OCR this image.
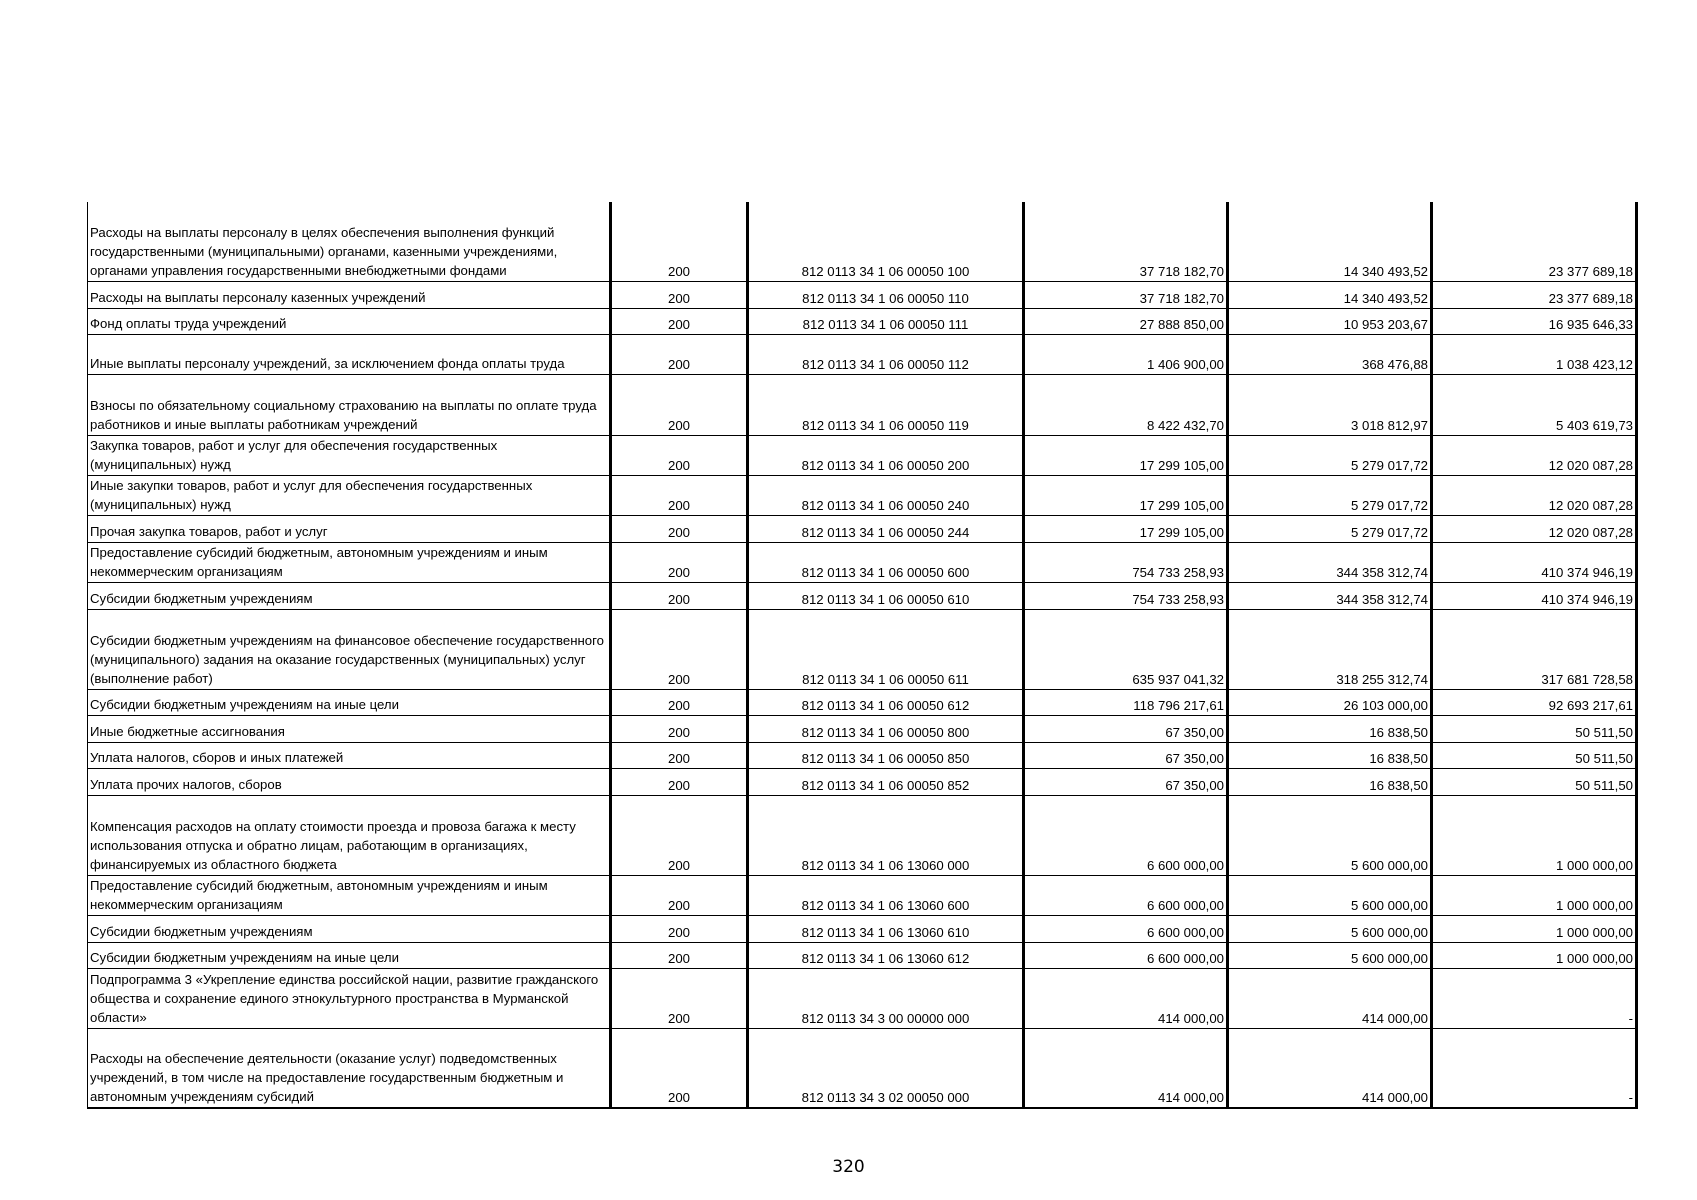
Расходы на выплаты персоналу в целях обеспечения выполнения функций государственными (муниципальными) органами, казенными учреждениями, органами управления государственными внебюджетными фондами	200	812 0113 34 1 06 00050 100	37 718 182,70	14 340 493,52	23 377 689,18
Расходы на выплаты персоналу казенных учреждений	200	812 0113 34 1 06 00050 110	37 718 182,70	14 340 493,52	23 377 689,18
Фонд оплаты труда учреждений	200	812 0113 34 1 06 00050 111	27 888 850,00	10 953 203,67	16 935 646,33
Иные выплаты персоналу учреждений, за исключением фонда оплаты труда	200	812 0113 34 1 06 00050 112	1 406 900,00	368 476,88	1 038 423,12
Взносы по обязательному социальному страхованию на выплаты по оплате труда работников и иные выплаты работникам учреждений	200	812 0113 34 1 06 00050 119	8 422 432,70	3 018 812,97	5 403 619,73
Закупка товаров, работ и услуг для обеспечения государственных (муниципальных) нужд	200	812 0113 34 1 06 00050 200	17 299 105,00	5 279 017,72	12 020 087,28
Иные закупки товаров, работ и услуг для обеспечения государственных (муниципальных) нужд	200	812 0113 34 1 06 00050 240	17 299 105,00	5 279 017,72	12 020 087,28
Прочая закупка товаров, работ и услуг	200	812 0113 34 1 06 00050 244	17 299 105,00	5 279 017,72	12 020 087,28
Предоставление субсидий бюджетным, автономным учреждениям и иным некоммерческим организациям	200	812 0113 34 1 06 00050 600	754 733 258,93	344 358 312,74	410 374 946,19
Субсидии бюджетным учреждениям	200	812 0113 34 1 06 00050 610	754 733 258,93	344 358 312,74	410 374 946,19
Субсидии бюджетным учреждениям на финансовое обеспечение государственного (муниципального) задания на оказание государственных (муниципальных) услуг (выполнение работ)	200	812 0113 34 1 06 00050 611	635 937 041,32	318 255 312,74	317 681 728,58
Субсидии бюджетным учреждениям на иные цели	200	812 0113 34 1 06 00050 612	118 796 217,61	26 103 000,00	92 693 217,61
Иные бюджетные ассигнования	200	812 0113 34 1 06 00050 800	67 350,00	16 838,50	50 511,50
Уплата налогов, сборов и иных платежей	200	812 0113 34 1 06 00050 850	67 350,00	16 838,50	50 511,50
Уплата прочих налогов, сборов	200	812 0113 34 1 06 00050 852	67 350,00	16 838,50	50 511,50
Компенсация расходов на оплату стоимости проезда и провоза багажа к месту использования отпуска и обратно лицам, работающим в организациях, финансируемых из областного бюджета	200	812 0113 34 1 06 13060 000	6 600 000,00	5 600 000,00	1 000 000,00
Предоставление субсидий бюджетным, автономным учреждениям и иным некоммерческим организациям	200	812 0113 34 1 06 13060 600	6 600 000,00	5 600 000,00	1 000 000,00
Субсидии бюджетным учреждениям	200	812 0113 34 1 06 13060 610	6 600 000,00	5 600 000,00	1 000 000,00
Субсидии бюджетным учреждениям на иные цели	200	812 0113 34 1 06 13060 612	6 600 000,00	5 600 000,00	1 000 000,00
Подпрограмма 3 «Укрепление единства российской нации, развитие гражданского общества и сохранение единого этнокультурного пространства в Мурманской области»	200	812 0113 34 3 00 00000 000	414 000,00	414 000,00	-
Расходы на обеспечение деятельности (оказание услуг) подведомственных учреждений, в том числе на предоставление государственным бюджетным и автономным учреждениям субсидий	200	812 0113 34 3 02 00050 000	414 000,00	414 000,00	-
320
